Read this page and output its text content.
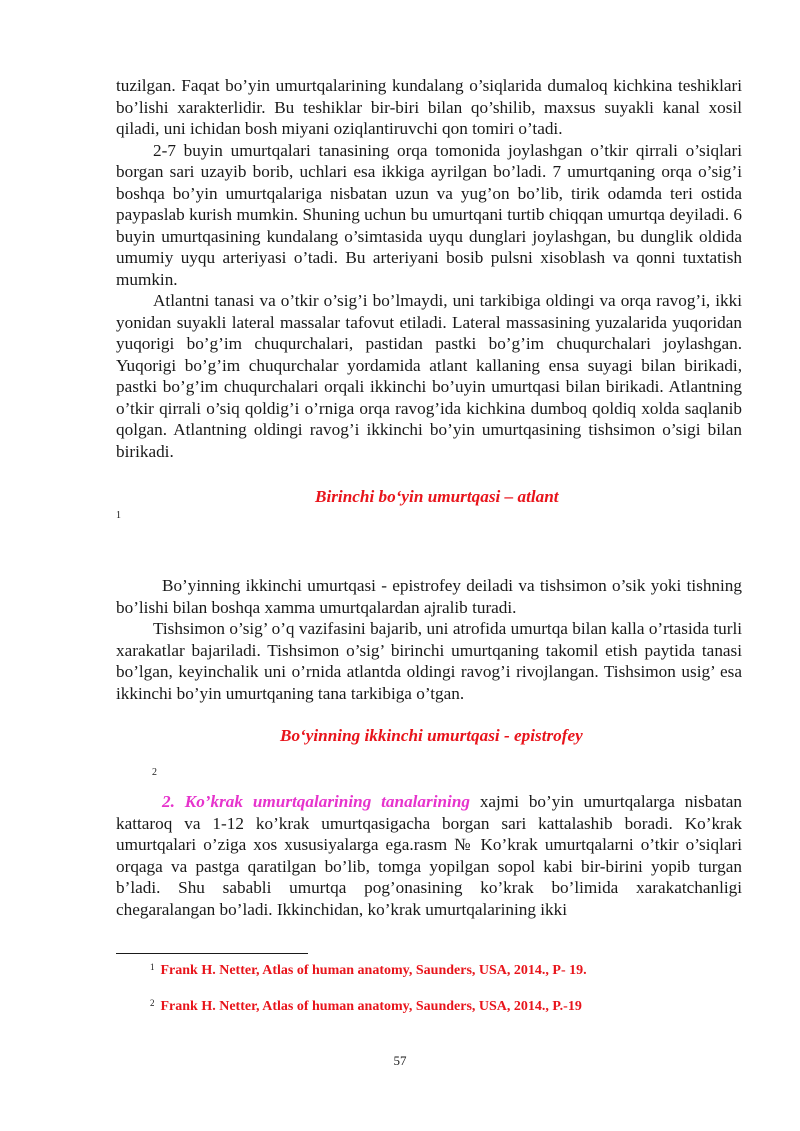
tuzilgan. Faqat bo’yin umurtqalarining kundalang o’siqlarida dumaloq kichkina teshiklari bo’lishi xarakterlidir. Bu teshiklar bir-biri bilan qo’shilib, maxsus suyakli kanal xosil qiladi, uni ichidan bosh miyani oziqlantiruvchi qon tomiri o’tadi.

2-7 buyin umurtqalari tanasining orqa tomonida joylashgan o’tkir qirrali o’siqlari borgan sari uzayib borib, uchlari esa ikkiga ayrilgan bo’ladi. 7 umurtqaning orqa o’sig’i boshqa bo’yin umurtqalariga nisbatan uzun va yug’on bo’lib, tirik odamda teri ostida paypaslab kurish mumkin. Shuning uchun bu umurtqani turtib chiqqan umurtqa deyiladi. 6 buyin umurtqasining kundalang o’simtasida uyqu dunglari joylashgan, bu dunglik oldida umumiy uyqu arteriyasi o’tadi. Bu arteriyani bosib pulsni xisoblash va qonni tuxtatish mumkin.

Atlantni tanasi va o’tkir o’sig’i bo’lmaydi, uni tarkibiga oldingi va orqa ravog’i, ikki yonidan suyakli lateral massalar tafovut etiladi. Lateral massasining yuzalarida yuqoridan yuqorigi bo’g’im chuqurchalari, pastidan pastki bo’g’im chuqurchalari joylashgan. Yuqorigi bo’g’im chuqurchalar yordamida atlant kallaning ensa suyagi bilan birikadi, pastki bo’g’im chuqurchalari orqali ikkinchi bo’uyin umurtqasi bilan birikadi. Atlantning o’tkir qirrali o’siq qoldig’i o’rniga orqa ravog’ida kichkina dumboq qoldiq xolda saqlanib qolgan. Atlantning oldingi ravog’i ikkinchi bo’yin umurtqasining tishsimon o’sigi bilan birikadi.

Birinchi bo‘yin umurtqasi – atlant
1

Bo’yinning ikkinchi umurtqasi - epistrofey deiladi va tishsimon o’sik yoki tishning bo’lishi bilan boshqa xamma umurtqalardan ajralib turadi.

Tishsimon o’sig’ o’q vazifasini bajarib, uni atrofida umurtqa bilan kalla o’rtasida turli xarakatlar bajariladi. Tishsimon o’sig’ birinchi umurtqaning takomil etish paytida tanasi bo’lgan, keyinchalik uni o’rnida atlantda oldingi ravog’i rivojlangan. Tishsimon usig’ esa ikkinchi bo’yin umurtqaning tana tarkibiga o’tgan.

Bo‘yinning ikkinchi umurtqasi - epistrofey
2

2. Ko’krak umurtqalarining tanalarining xajmi bo’yin umurtqalarga nisbatan kattaroq va 1-12 ko’krak umurtqasigacha borgan sari kattalashib boradi. Ko’krak umurtqalari o’ziga xos xususiyalarga ega.rasm № Ko’krak umurtqalarni o’tkir o’siqlari orqaga va pastga qaratilgan bo’lib, tomga yopilgan sopol kabi bir-birini yopib turgan b’ladi. Shu sababli umurtqa pog’onasining ko’krak bo’limida xarakatchanligi chegaralangan bo’ladi. Ikkinchidan, ko’krak umurtqalarining ikki

$^1$ Frank H. Netter, Atlas of human anatomy, Saunders, USA, 2014., P- 19.
$^2$ Frank H. Netter, Atlas of human anatomy, Saunders, USA, 2014., P.-19
57
